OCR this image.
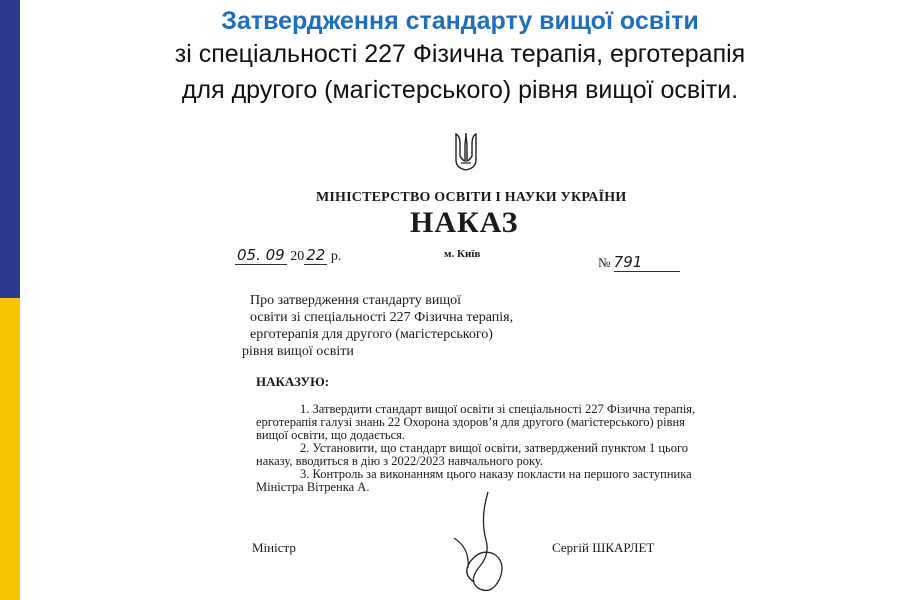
Затвердження стандарту вищої освіти
зі спеціальності 227 Фізична терапія, ерготерапія
для другого (магістерського) рівня вищої освіти.
МІНІСТЕРСТВО ОСВІТИ І НАУКИ УКРАЇНИ
НАКАЗ
05. 09 20 22 р.	м. Київ
№ 791
Про затвердження стандарту вищої
освіти зі спеціальності 227 Фізична терапія,
ерготерапія для другого (магістерського)
рівня вищої освіти
НАКАЗУЮ:
1. Затвердити стандарт вищої освіти зі спеціальності 227 Фізична терапія,
ерготерапія галузі знань 22 Охорона здоров’я для другого (магістерського) рівня
вищої освіти, що додається.
2. Установити, що стандарт вищої освіти, затверджений пунктом 1 цього
наказу, вводиться в дію з 2022/2023 навчального року.
3. Контроль за виконанням цього наказу покласти на першого заступника
Міністра Вітренка А.
Міністр	Сергій ШКАРЛЕТ
